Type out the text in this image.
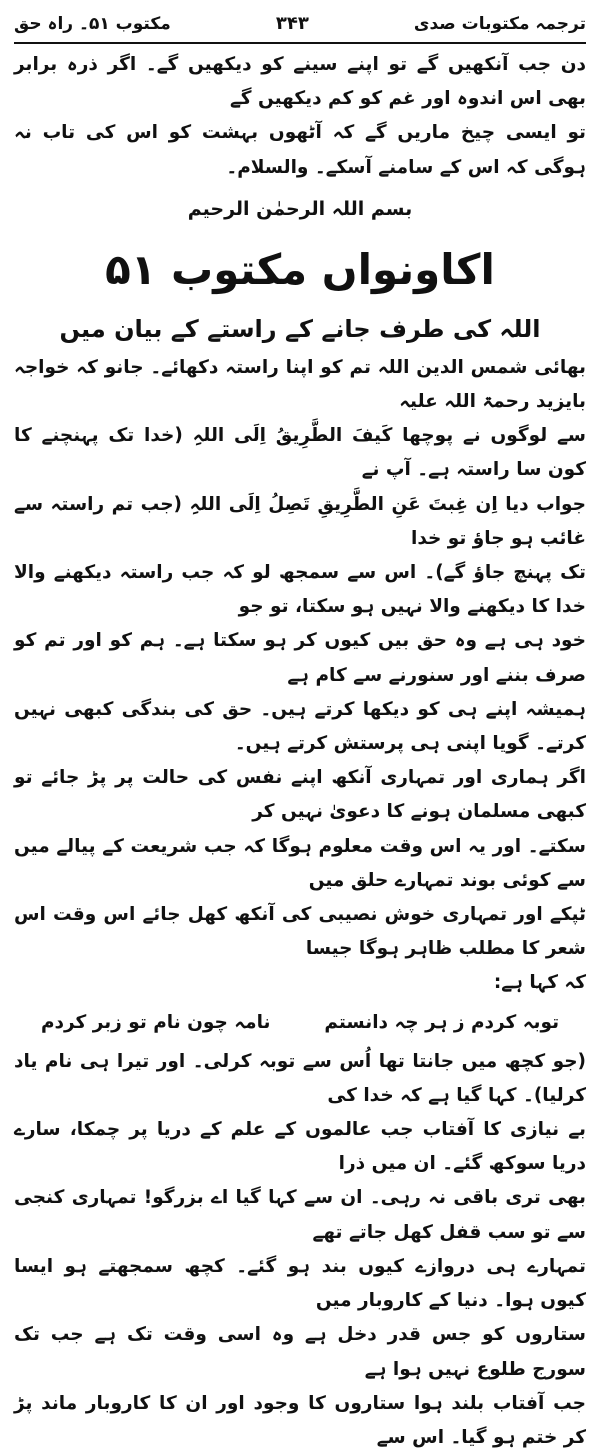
ترجمہ مکتوبات صدی
۳۴۳
مکتوب ۵۱۔ راہ حق
دن جب آنکھیں گے تو اپنے سینے کو دیکھیں گے۔ اگر ذرہ برابر بھی اس اندوہ اور غم کو کم دیکھیں گے
تو ایسی چیخ ماریں گے کہ آٹھوں بہشت کو اس کی تاب نہ ہوگی کہ اس کے سامنے آسکے۔ والسلام۔
بسم اللہ الرحمٰن الرحیم
اکاونواں مکتوب ۵۱
اللہ کی طرف جانے کے راستے کے بیان میں
بھائی شمس الدین اللہ تم کو اپنا راستہ دکھائے۔ جانو کہ خواجہ بایزید رحمۃ اللہ علیہ
سے لوگوں نے پوچھا کَیفَ الطَّرِیقُ اِلَی اللہِ (خدا تک پہنچنے کا کون سا راستہ ہے۔ آپ نے
جواب دیا اِن غِبتَ عَنِ الطَّرِیقِ تَصِلُ اِلَی اللہِ (جب تم راستہ سے غائب ہو جاؤ تو خدا
تک پہنچ جاؤ گے)۔ اس سے سمجھ لو کہ جب راستہ دیکھنے والا خدا کا دیکھنے والا نہیں ہو سکتا، تو جو
خود ہی ہے وہ حق بیں کیوں کر ہو سکتا ہے۔ ہم کو اور تم کو صرف بننے اور سنورنے سے کام ہے
ہمیشہ اپنے ہی کو دیکھا کرتے ہیں۔ حق کی بندگی کبھی نہیں کرتے۔ گویا اپنی ہی پرستش کرتے ہیں۔
اگر ہماری اور تمہاری آنکھ اپنے نفس کی حالت پر پڑ جائے تو کبھی مسلمان ہونے کا دعویٰ نہیں کر
سکتے۔ اور یہ اس وقت معلوم ہوگا کہ جب شریعت کے پیالے میں سے کوئی بوند تمہارے حلق میں
ٹپکے اور تمہاری خوش نصیبی کی آنکھ کھل جائے اس وقت اس شعر کا مطلب ظاہر ہوگا جیسا
کہ کہا ہے:
توبہ کردم ز ہر چہ دانستم
نامہ چون نام تو زبر کردم
(جو کچھ میں جانتا تھا اُس سے توبہ کرلی۔ اور تیرا ہی نام یاد کرلیا)۔ کہا گیا ہے کہ خدا کی
بے نیازی کا آفتاب جب عالموں کے علم کے دریا پر چمکا، سارے دریا سوکھ گئے۔ ان میں ذرا
بھی تری باقی نہ رہی۔ ان سے کہا گیا اے بزرگو! تمہاری کنجی سے تو سب قفل کھل جاتے تھے
تمہارے ہی دروازے کیوں بند ہو گئے۔ کچھ سمجھتے ہو ایسا کیوں ہوا۔ دنیا کے کاروبار میں
ستاروں کو جس قدر دخل ہے وہ اسی وقت تک ہے جب تک سورج طلوع نہیں ہوا ہے
جب آفتاب بلند ہوا ستاروں کا وجود اور ان کا کاروبار ماند پڑ کر ختم ہو گیا۔ اس سے
